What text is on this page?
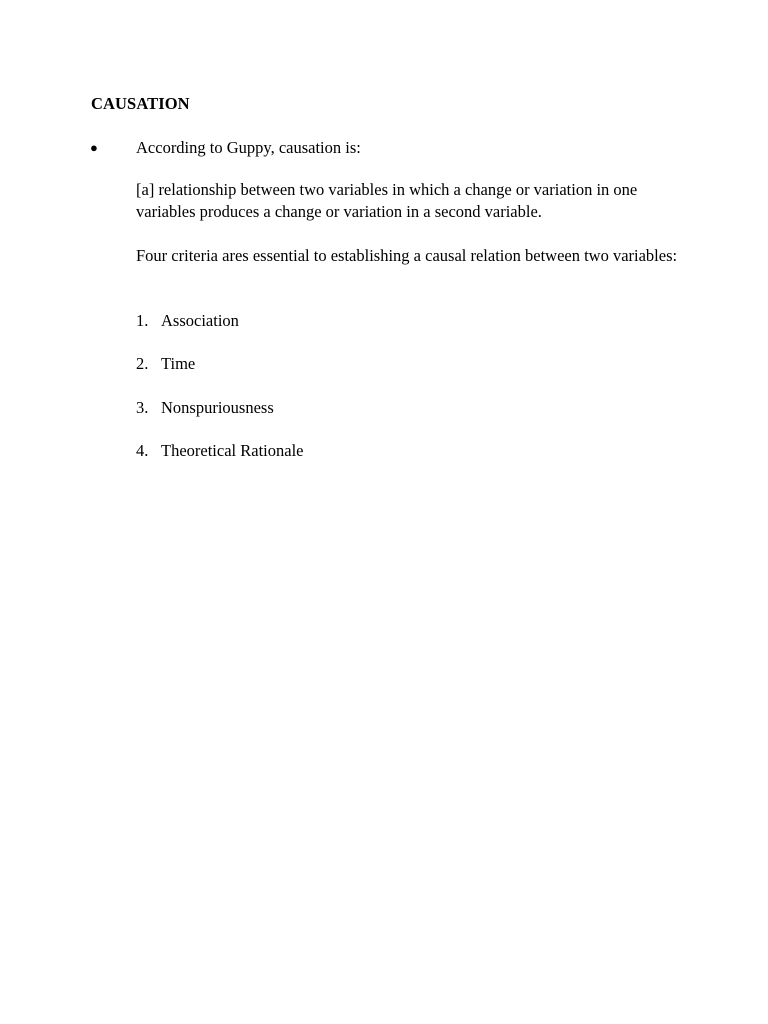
CAUSATION
● According to Guppy, causation is:

[a] relationship between two variables in which a change or variation in one variables produces a change or variation in a second variable.

Four criteria ares essential to establishing a causal relation between two variables:

1. Association
2. Time
3. Nonspuriousness
4. Theoretical Rationale
